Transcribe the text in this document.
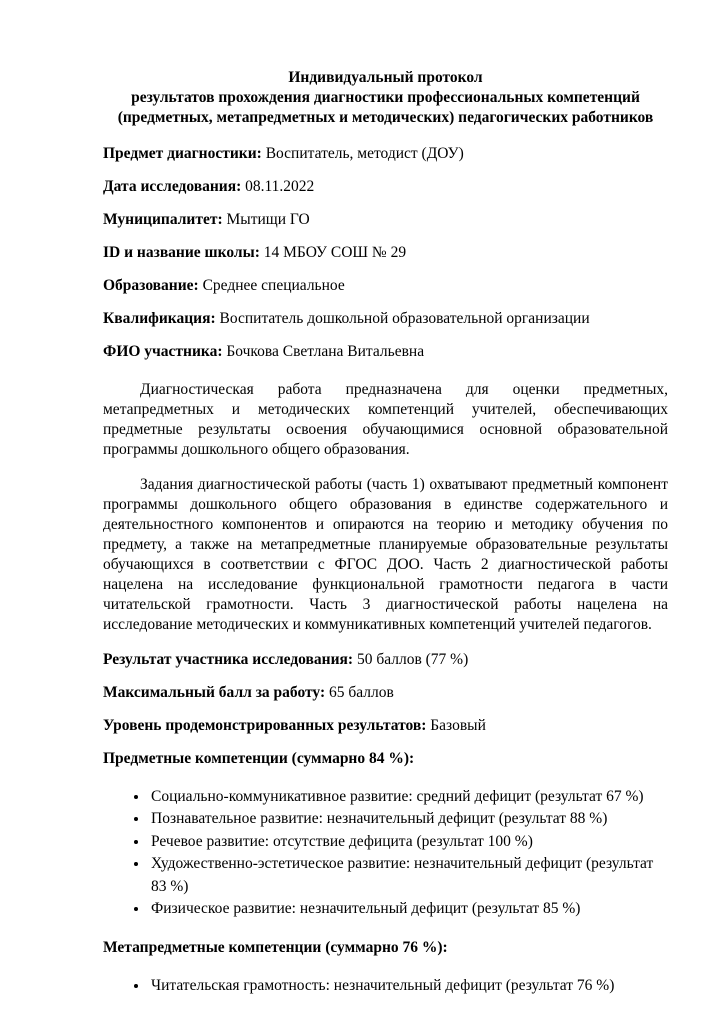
Индивидуальный протокол
результатов прохождения диагностики профессиональных компетенций
(предметных, метапредметных и методических) педагогических работников

Предмет диагностики: Воспитатель, методист (ДОУ)

Дата исследования: 08.11.2022

Муниципалитет: Мытищи ГО

ID и название школы: 14 МБОУ СОШ № 29

Образование: Среднее специальное

Квалификация: Воспитатель дошкольной образовательной организации

ФИО участника: Бочкова Светлана Витальевна

Диагностическая работа предназначена для оценки предметных, метапредметных и методических компетенций учителей, обеспечивающих предметные результаты освоения обучающимися основной образовательной программы дошкольного общего образования.

Задания диагностической работы (часть 1) охватывают предметный компонент программы дошкольного общего образования в единстве содержательного и деятельностного компонентов и опираются на теорию и методику обучения по предмету, а также на метапредметные планируемые образовательные результаты обучающихся в соответствии с ФГОС ДОО. Часть 2 диагностической работы нацелена на исследование функциональной грамотности педагога в части читательской грамотности. Часть 3 диагностической работы нацелена на исследование методических и коммуникативных компетенций учителей педагогов.

Результат участника исследования: 50 баллов (77 %)

Максимальный балл за работу: 65 баллов

Уровень продемонстрированных результатов: Базовый

Предметные компетенции (суммарно 84 %):

• Социально-коммуникативное развитие: средний дефицит (результат 67 %)
• Познавательное развитие: незначительный дефицит (результат 88 %)
• Речевое развитие: отсутствие дефицита (результат 100 %)
• Художественно-эстетическое развитие: незначительный дефицит (результат 83 %)
• Физическое развитие: незначительный дефицит (результат 85 %)

Метапредметные компетенции (суммарно 76 %):

• Читательская грамотность: незначительный дефицит (результат 76 %)
